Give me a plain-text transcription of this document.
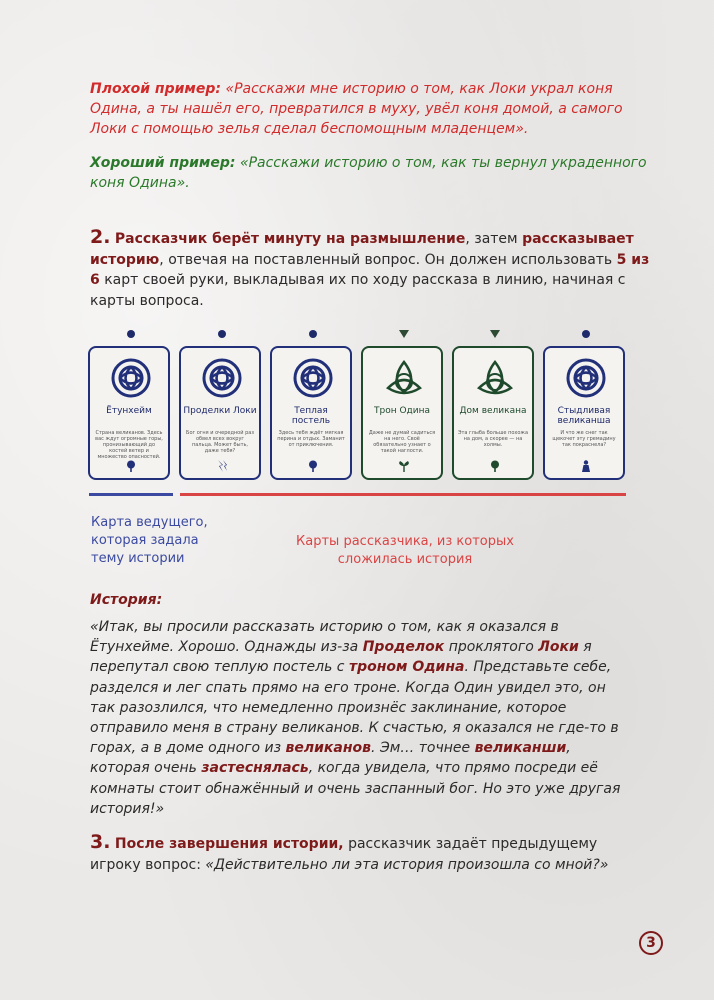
Плохой пример: «Расскажи мне историю о том, как Локи украл коня Одина, а ты нашёл его, превратился в муху, увёл коня домой, а самого Локи с помощью зелья сделал беспомощным младенцем».
Хороший пример: «Расскажи историю о том, как ты вернул украденного коня Одина».
2. Рассказчик берёт минуту на размышление, затем рассказывает историю, отвечая на поставленный вопрос. Он должен использовать 5 из 6 карт своей руки, выкладывая их по ходу рассказа в линию, начиная с карты вопроса.
Ётунхейм
Страна великанов. Здесь вас ждут огромные горы, пронизывающий до костей ветер и множество опасностей.
Проделки Локи
Бог огня и очередной раз обвел всех вокруг пальца. Может быть, даже тебя?
Теплая постель
Здесь тебя ждёт мягкая перина и отдых. Заманит от приключения.
Трон Одина
Даже не думай садиться на него. Своё обязательно узнает о такой наглости.
Дом великана
Эта глыба больше похожа на дом, а скорее — на холмы.
Стыдливая великанша
И что же снег так щекочет эту гремадину так покраснела?
Карта ведущего, которая задала тему истории
Карты рассказчика, из которых сложилась история
История:
«Итак, вы просили рассказать историю о том, как я оказался в Ётунхейме. Хорошо. Однажды из-за Проделок проклятого Локи я перепутал свою теплую постель с троном Одина. Представьте себе, разделся и лег спать прямо на его троне. Когда Один увидел это, он так разозлился, что немедленно произнёс заклинание, которое отправило меня в страну великанов. К счастью, я оказался не где-то в горах, а в доме одного из великанов. Эм… точнее великанши, которая очень застеснялась, когда увидела, что прямо посреди её комнаты стоит обнажённый и очень заспанный бог. Но это уже другая история!»
3. После завершения истории, рассказчик задаёт предыдущему игроку вопрос: «Действительно ли эта история произошла со мной?»
3
